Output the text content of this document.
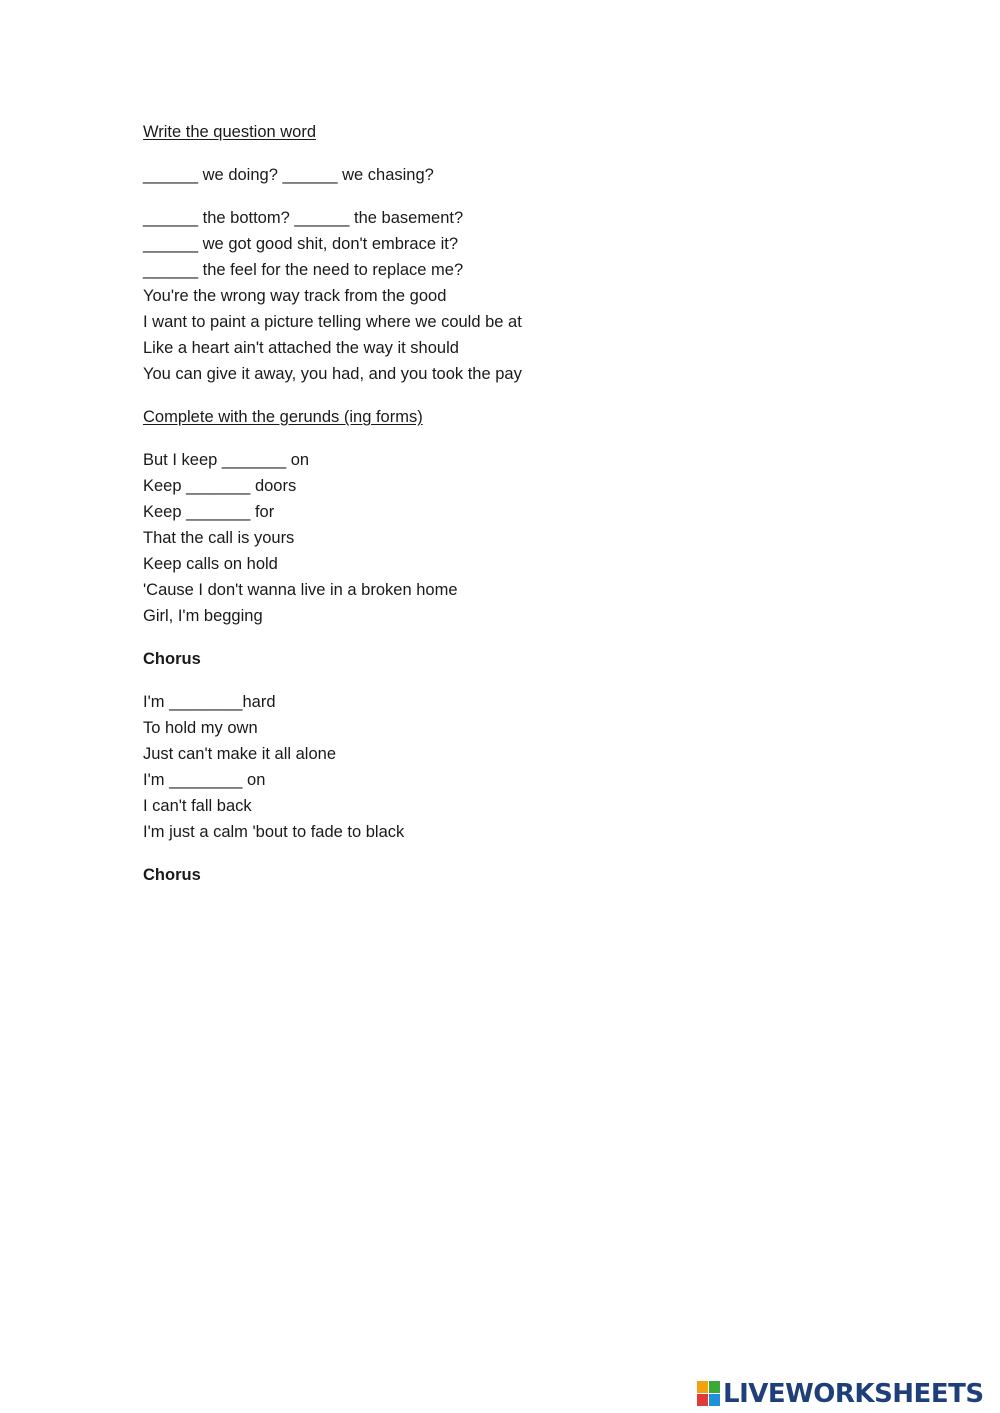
Write the question word
______ we doing? ______ we chasing?
______ the bottom? ______ the basement?
______ we got good shit, don't embrace it?
______ the feel for the need to replace me?
You're the wrong way track from the good
I want to paint a picture telling where we could be at
Like a heart ain't attached the way it should
You can give it away, you had, and you took the pay
Complete with the gerunds (ing forms)
But I keep _______ on
Keep _______ doors
Keep _______ for
That the call is yours
Keep calls on hold
'Cause I don't wanna live in a broken home
Girl, I'm begging
Chorus
I'm ________hard
To hold my own
Just can't make it all alone
I'm ________ on
I can't fall back
I'm just a calm 'bout to fade to black
Chorus
LIVEWORKSHEETS
